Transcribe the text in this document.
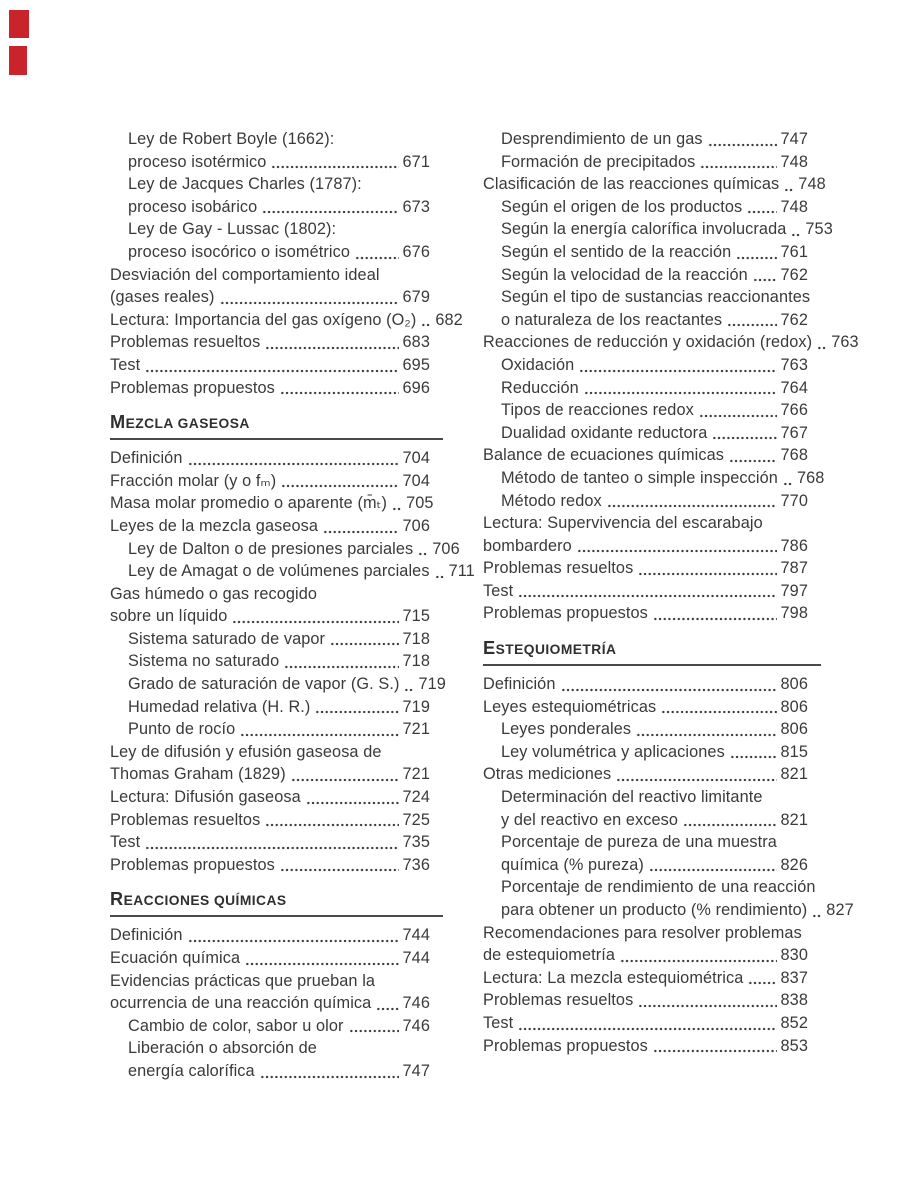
Ley de Robert Boyle (1662):
proceso isotérmico	671
Ley de Jacques Charles (1787):
proceso isobárico	673
Ley de Gay - Lussac (1802):
proceso isocórico o isométrico	676
Desviación del comportamiento ideal
(gases reales)	679
Lectura: Importancia del gas oxígeno (O₂) 682
Problemas resueltos	683
Test	695
Problemas propuestos	696
MEZCLA GASEOSA
Definición	704
Fracción molar (y o fₘ)	704
Masa molar promedio o aparente (m̄ₜ) 705
Leyes de la mezcla gaseosa	706
Ley de Dalton o de presiones parciales 706
Ley de Amagat o de volúmenes parciales 711
Gas húmedo o gas recogido
sobre un líquido	715
Sistema saturado de vapor	718
Sistema no saturado	718
Grado de saturación de vapor (G. S.) 719
Humedad relativa (H. R.)	719
Punto de rocío	721
Ley de difusión y efusión gaseosa de
Thomas Graham (1829)	721
Lectura: Difusión gaseosa	724
Problemas resueltos	725
Test	735
Problemas propuestos	736
REACCIONES QUÍMICAS
Definición	744
Ecuación química	744
Evidencias prácticas que prueban la
ocurrencia de una reacción química 746
Cambio de color, sabor u olor	746
Liberación o absorción de
energía calorífica	747
Desprendimiento de un gas	747
Formación de precipitados	748
Clasificación de las reacciones químicas 748
Según el origen de los productos 748
Según la energía calorífica involucrada 753
Según el sentido de la reacción	761
Según la velocidad de la reacción 762
Según el tipo de sustancias reaccionantes
o naturaleza de los reactantes	762
Reacciones de reducción y oxidación (redox) 763
Oxidación	763
Reducción	764
Tipos de reacciones redox	766
Dualidad oxidante reductora	767
Balance de ecuaciones químicas	768
Método de tanteo o simple inspección 768
Método redox	770
Lectura: Supervivencia del escarabajo
bombardero	786
Problemas resueltos	787
Test	797
Problemas propuestos	798
ESTEQUIOMETRÍA
Definición	806
Leyes estequiométricas	806
Leyes ponderales	806
Ley volumétrica y aplicaciones	815
Otras mediciones	821
Determinación del reactivo limitante
y del reactivo en exceso	821
Porcentaje de pureza de una muestra
química (% pureza)	826
Porcentaje de rendimiento de una reacción
para obtener un producto (% rendimiento) 827
Recomendaciones para resolver problemas
de estequiometría	830
Lectura: La mezcla estequiométrica 837
Problemas resueltos	838
Test	852
Problemas propuestos	853
